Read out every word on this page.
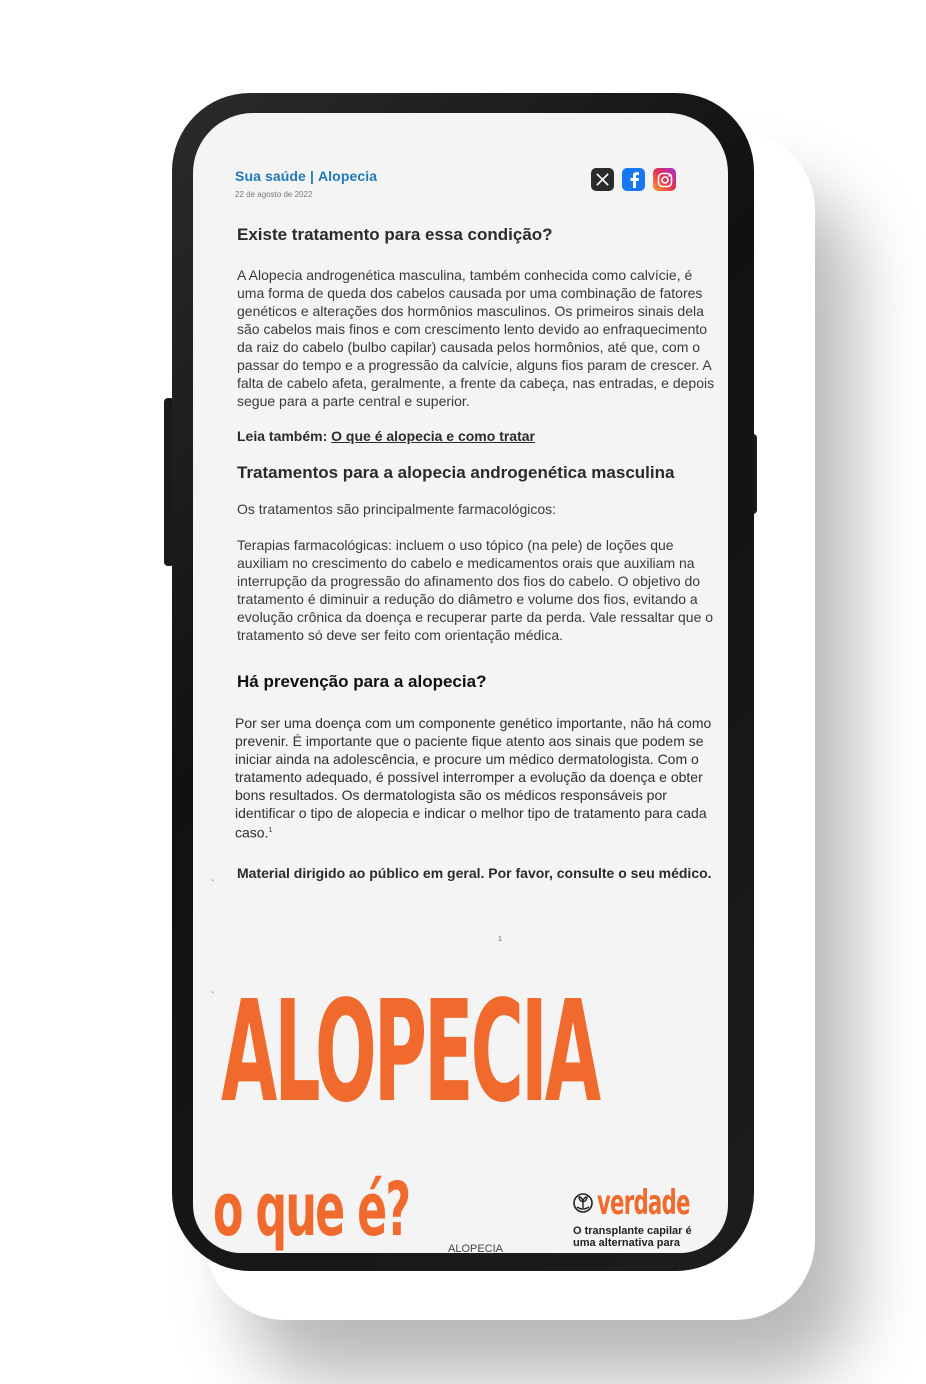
Sua saúde | Alopecia
22 de agosto de 2022
Existe tratamento para essa condição?

A Alopecia androgenética masculina, também conhecida como calvície, é uma forma de queda dos cabelos causada por uma combinação de fatores genéticos e alterações dos hormônios masculinos. Os primeiros sinais dela são cabelos mais finos e com crescimento lento devido ao enfraquecimento da raiz do cabelo (bulbo capilar) causada pelos hormônios, até que, com o passar do tempo e a progressão da calvície, alguns fios param de crescer. A falta de cabelo afeta, geralmente, a frente da cabeça, nas entradas, e depois segue para a parte central e superior.

Leia também: O que é alopecia e como tratar
Tratamentos para a alopecia androgenética masculina

Os tratamentos são principalmente farmacológicos:

Terapias farmacológicas: incluem o uso tópico (na pele) de loções que auxiliam no crescimento do cabelo e medicamentos orais que auxiliam na interrupção da progressão do afinamento dos fios do cabelo. O objetivo do tratamento é diminuir a redução do diâmetro e volume dos fios, evitando a evolução crônica da doença e recuperar parte da perda. Vale ressaltar que o tratamento só deve ser feito com orientação médica.

Há prevenção para a alopecia?

Por ser uma doença com um componente genético importante, não há como prevenir. É importante que o paciente fique atento aos sinais que podem se iniciar ainda na adolescência, e procure um médico dermatologista. Com o tratamento adequado, é possível interromper a evolução da doença e obter bons resultados. Os dermatologista são os médicos responsáveis por identificar o tipo de alopecia e indicar o melhor tipo de tratamento para cada caso.$^1$

Material dirigido ao público em geral. Por favor, consulte o seu médico.
1
-
- ALOPECIA
o que é?	verdade
O transplante capilar é
uma alternativa para
ALOPECIA
